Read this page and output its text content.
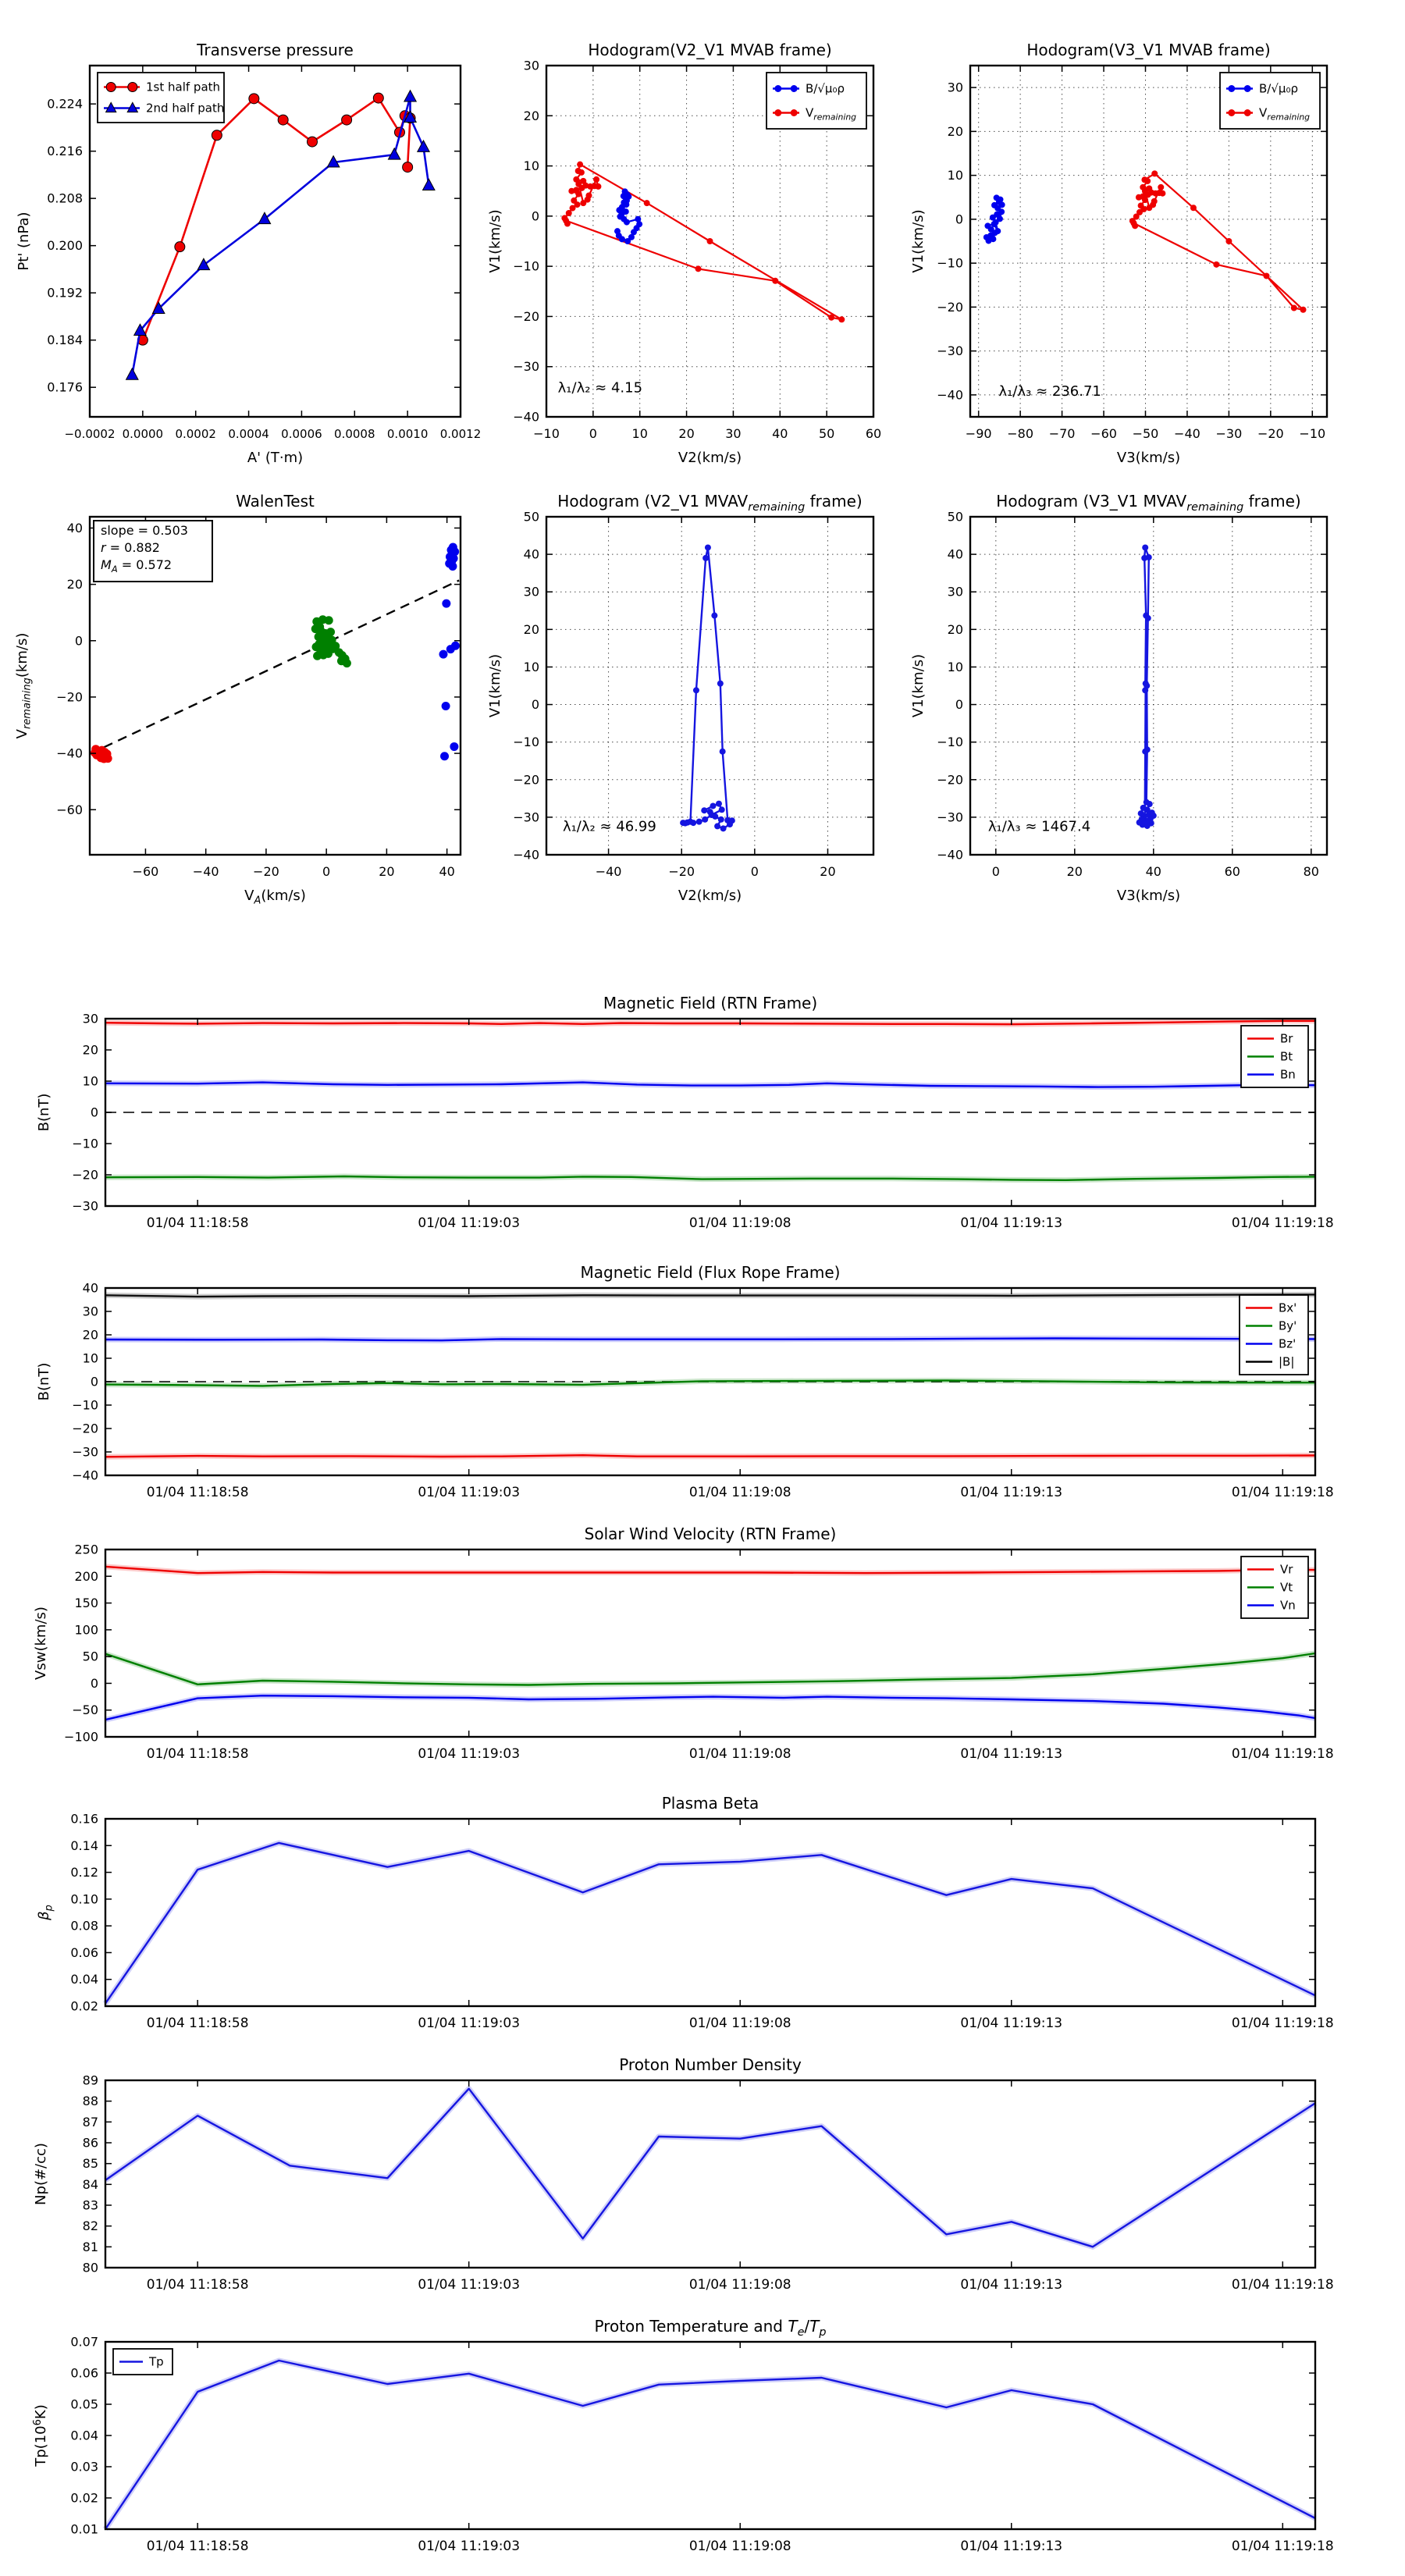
−0.0002 0.0000 0.0002 0.0004 0.0006 0.0008 0.0010 0.0012
0.176
0.184
0.192
0.200
0.208
0.216
0.224
1st half path
2nd half path
Transverse pressure
A' (T·m)
Pt' (nPa)
−10 0	10 20 30 40 50 60
−40
−30
−20
−10
0
10
20
30
λ₁/λ₂ ≈ 4.15
B/√μ₀ρ
$V_{remaining}$
Hodogram(V2_V1 MVAB frame)
V2(km/s)
V1(km/s)
−90 −80 −70 −60 −50 −40 −30 −20 −10
−40
−30
−20
−10
0
10
20
30
λ₁/λ₃ ≈ 236.71
B/√μ₀ρ
$V_{remaining}$
Hodogram(V3_V1 MVAB frame)
V3(km/s)
V1(km/s)
−60	−40	−20	0	20	40
−60
−40
−20
0
20
40 slope = 0.503
r = 0.882
$M_A = 0.572$
WalenTest
$V_A(km/s)$
$V_{remaining}(km/s)$
−40	−20	0	20
−40
−30
−20
−10
0
10
20
30
40
50
λ₁/λ₂ ≈ 46.99
Hodogram (V2_V1 $MVAV_{remaining}$ frame)
V2(km/s)
V1(km/s)
0	20	40	60	80
−40
−30
−20
−10
0
10
20
30
40
50
λ₁/λ₃ ≈ 1467.4
Hodogram (V3_V1 $MVAV_{remaining}$ frame)
V3(km/s)
V1(km/s)
01/04 11:18:58	01/04 11:19:03	01/04 11:19:08	01/04 11:19:13	01/04 11:19:18
−30
−20
−10
0
10
20
30
Br
Bt
Bn
Magnetic Field (RTN Frame)
B(nT)
01/04 11:18:58	01/04 11:19:03	01/04 11:19:08	01/04 11:19:13	01/04 11:19:18
−40
−30
−20
−10
0
10
20
30
40
Bx'
By'
Bz'
|B|
Magnetic Field (Flux Rope Frame)
B(nT)
01/04 11:18:58	01/04 11:19:03	01/04 11:19:08	01/04 11:19:13	01/04 11:19:18
−100
−50
0
50
100
150
200
250
Vr
Vt
Vn
Solar Wind Velocity (RTN Frame)
Vsw(km/s)
01/04 11:18:58	01/04 11:19:03	01/04 11:19:08	01/04 11:19:13	01/04 11:19:18
0.02
0.04
0.06
0.08
0.10
0.12
0.14
0.16
Plasma Beta
$\beta_p$
01/04 11:18:58	01/04 11:19:03	01/04 11:19:08	01/04 11:19:13	01/04 11:19:18
80
81
82
83
84
85
86
87
88
89
Proton Number Density
Np(#/cc)
01/04 11:18:58	01/04 11:19:03	01/04 11:19:08	01/04 11:19:13	01/04 11:19:18
0.01
0.02
0.03
0.04
0.05
0.06
0.07
Tp
Proton Temperature and $T_e/T_p$
$Tp(10^6K)$
